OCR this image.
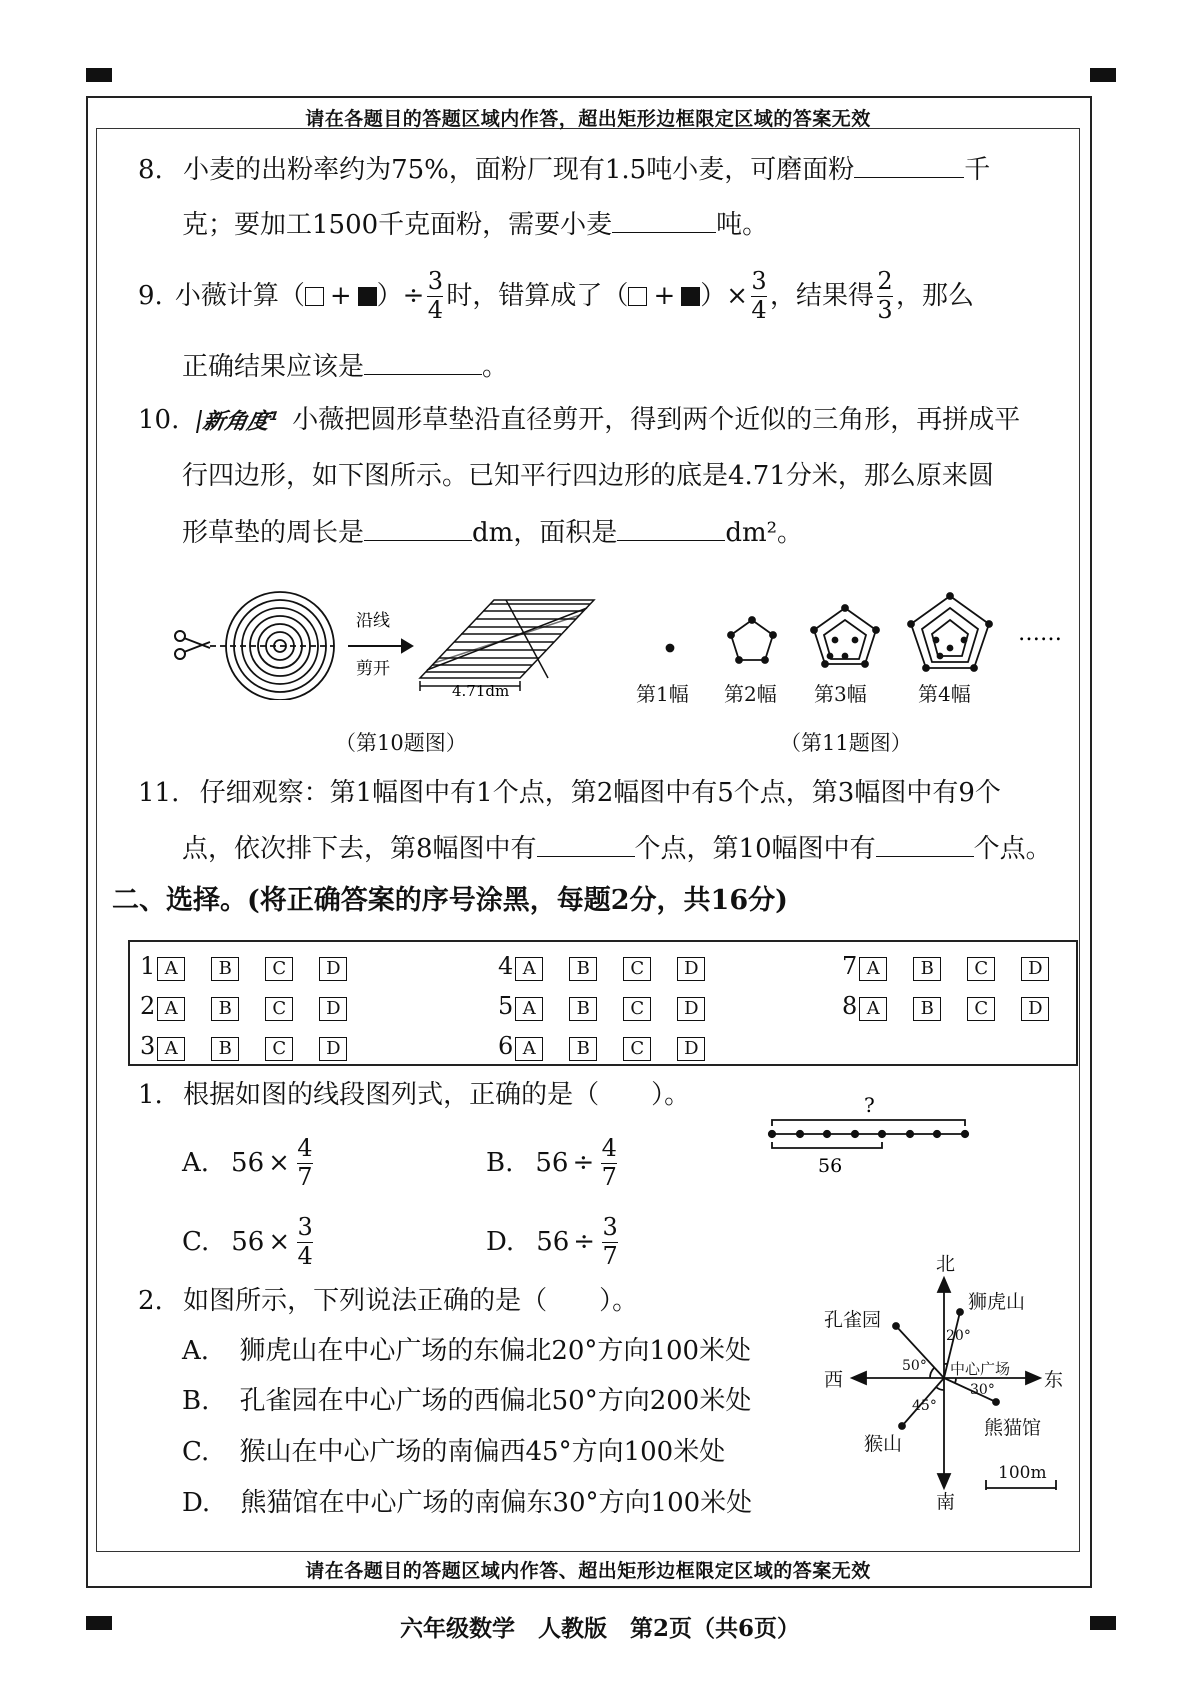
请在各题目的答题区域内作答，超出矩形边框限定区域的答案无效
请在各题目的答题区域内作答、超出矩形边框限定区域的答案无效
六年级数学　人教版　第2页（共6页）
8. 小麦的出粉率约为75%，面粉厂现有1.5吨小麦，可磨面粉	千
克；要加工1500千克面粉，需要小麦	吨。
9. 小薇计算（ + ）÷ $\frac{3}{4}$ 时，错算成了（ + ）× $\frac{3}{4}$ ，结果得 $\frac{2}{3}$ ，那么
正确结果应该是	。
10. 新角度$^1$ 小薇把圆形草垫沿直径剪开，得到两个近似的三角形，再拼成平
行四边形，如下图所示。已知平行四边形的底是4.71分米，那么原来圆
形草垫的周长是	dm，面积是	dm²。
沿线
剪开
4.71dm
（第10题图）
……
第1幅 第2幅 第3幅	第4幅
（第11题图）
11. 仔细观察：第1幅图中有1个点，第2幅图中有5个点，第3幅图中有9个
点，依次排下去，第8幅图中有	个点，第10幅图中有	个点。
二、选择。(将正确答案的序号涂黑，每题2分，共16分)
1 A B C D
2 A B C D
3 A B C D
4 A B C D
5 A B C D
6 A B C D
7 A B C D
8 A B C D
1. 根据如图的线段图列式，正确的是（　　）。
A. $56 \times \frac{4}{7}$	B. $56 \div \frac{4}{7}$
C. $56 \times \frac{3}{4}$	D. $56 \div \frac{3}{7}$
?
56
2. 如图所示，下列说法正确的是（　　）。
A. 狮虎山在中心广场的东偏北20°方向100米处
B. 孔雀园在中心广场的西偏北50°方向200米处
C. 猴山在中心广场的南偏西45°方向100米处
D. 熊猫馆在中心广场的南偏东30°方向100米处
北
南
西	东
中心广场
狮虎山
孔雀园
猴山
熊猫馆
20°
50°
30°
45°
100m
